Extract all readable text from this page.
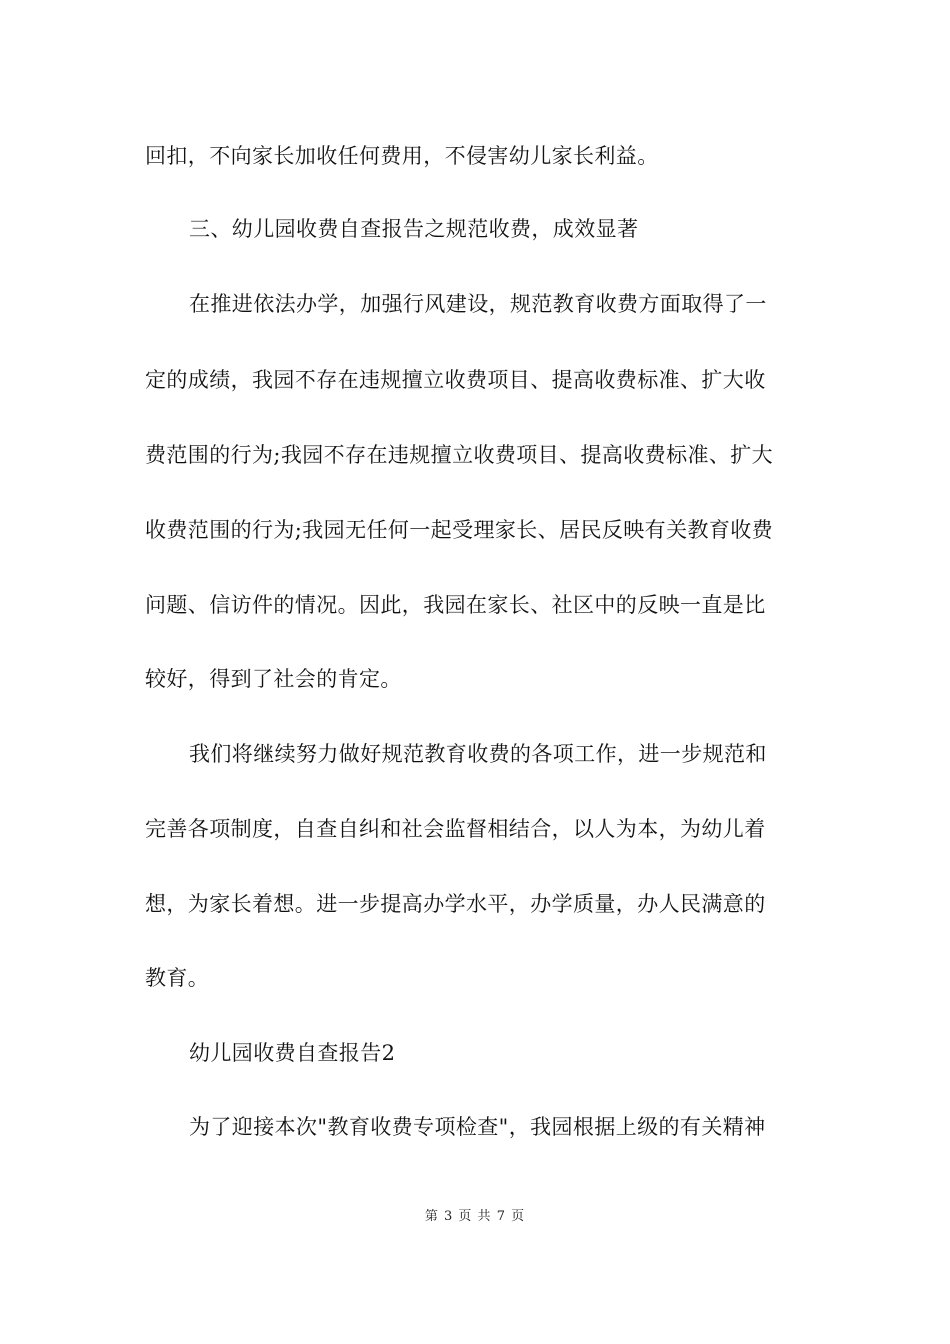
回扣，不向家长加收任何费用，不侵害幼儿家长利益。
三、幼儿园收费自查报告之规范收费，成效显著
在推进依法办学，加强行风建设，规范教育收费方面取得了一
定的成绩，我园不存在违规擅立收费项目、提高收费标准、扩大收
费范围的行为;我园不存在违规擅立收费项目、提高收费标准、扩大
收费范围的行为;我园无任何一起受理家长、居民反映有关教育收费
问题、信访件的情况。因此，我园在家长、社区中的反映一直是比
较好，得到了社会的肯定。
我们将继续努力做好规范教育收费的各项工作，进一步规范和
完善各项制度，自查自纠和社会监督相结合，以人为本，为幼儿着
想，为家长着想。进一步提高办学水平，办学质量，办人民满意的
教育。
幼儿园收费自查报告2
为了迎接本次"教育收费专项检查"，我园根据上级的有关精神
第 3 页 共 7 页
